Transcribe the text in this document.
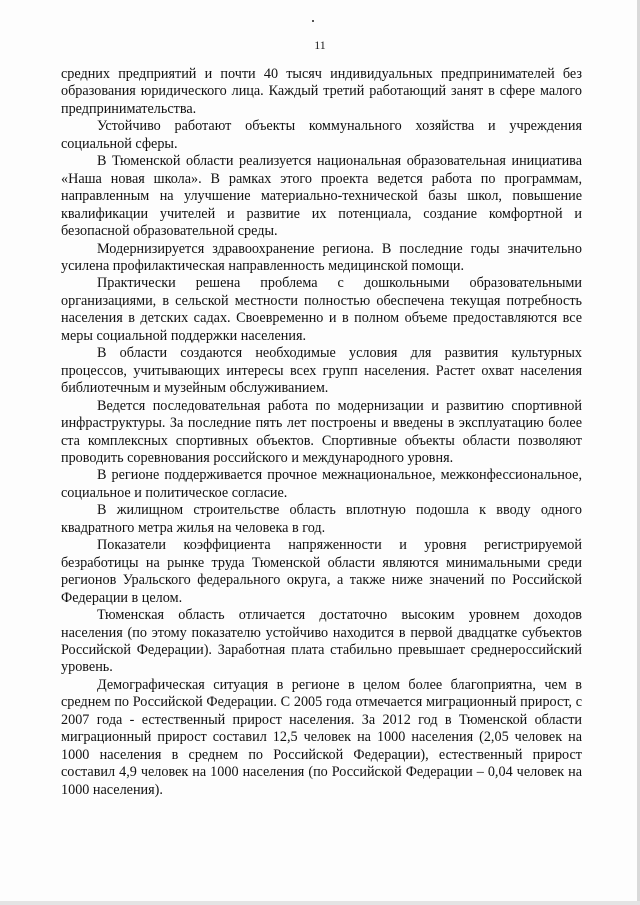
11

средних предприятий и почти 40 тысяч индивидуальных предпринимателей без образования юридического лица. Каждый третий работающий занят в сфере малого предпринимательства.

Устойчиво работают объекты коммунального хозяйства и учреждения социальной сферы.

В Тюменской области реализуется национальная образовательная инициатива «Наша новая школа». В рамках этого проекта ведется работа по программам, направленным на улучшение материально-технической базы школ, повышение квалификации учителей и развитие их потенциала, создание комфортной и безопасной образовательной среды.

Модернизируется здравоохранение региона. В последние годы значительно усилена профилактическая направленность медицинской помощи.

Практически решена проблема с дошкольными образовательными организациями, в сельской местности полностью обеспечена текущая потребность населения в детских садах. Своевременно и в полном объеме предоставляются все меры социальной поддержки населения.

В области создаются необходимые условия для развития культурных процессов, учитывающих интересы всех групп населения. Растет охват населения библиотечным и музейным обслуживанием.

Ведется последовательная работа по модернизации и развитию спортивной инфраструктуры. За последние пять лет построены и введены в эксплуатацию более ста комплексных спортивных объектов. Спортивные объекты области позволяют проводить соревнования российского и международного уровня.

В регионе поддерживается прочное межнациональное, межконфессиональное, социальное и политическое согласие.

В жилищном строительстве область вплотную подошла к вводу одного квадратного метра жилья на человека в год.

Показатели коэффициента напряженности и уровня регистрируемой безработицы на рынке труда Тюменской области являются минимальными среди регионов Уральского федерального округа, а также ниже значений по Российской Федерации в целом.

Тюменская область отличается достаточно высоким уровнем доходов населения (по этому показателю устойчиво находится в первой двадцатке субъектов Российской Федерации). Заработная плата стабильно превышает среднероссийский уровень.

Демографическая ситуация в регионе в целом более благоприятна, чем в среднем по Российской Федерации. С 2005 года отмечается миграционный прирост, с 2007 года - естественный прирост населения. За 2012 год в Тюменской области миграционный прирост составил 12,5 человек на 1000 населения (2,05 человек на 1000 населения в среднем по Российской Федерации), естественный прирост составил 4,9 человек на 1000 населения (по Российской Федерации – 0,04 человек на 1000 населения).
